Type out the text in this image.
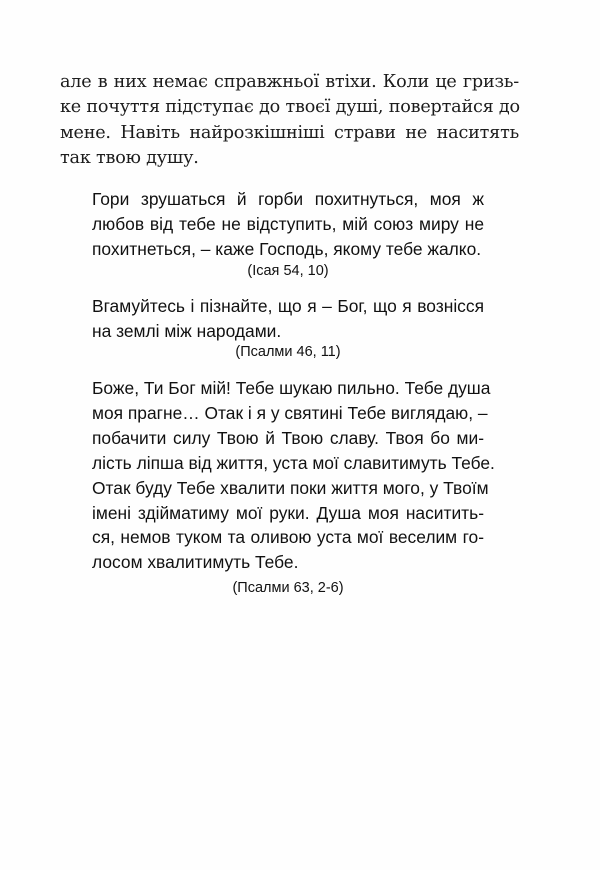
але в них немає справжньої втіхи. Коли це гризь-
ке почуття підступає до твоєї душі, повертайся до
мене. Навіть найрозкішніші страви не наситять
так твою душу.
Гори зрушаться й горби похитнуться, моя ж
любов від тебе не відступить, мій союз миру не
похитнеться, – каже Господь, якому тебе жалко.
(Ісая 54, 10)
Вгамуйтесь і пізнайте, що я – Бог, що я вознісся
на землі між народами.
(Псалми 46, 11)
Боже, Ти Бог мій! Тебе шукаю пильно. Тебе душа
моя прагне… Отак і я у святині Тебе виглядаю, –
побачити силу Твою й Твою славу. Твоя бо ми-
лість ліпша від життя, уста мої славитимуть Тебе.
Отак буду Тебе хвалити поки життя мого, у Твоїм
імені здійматиму мої руки. Душа моя наситить-
ся, немов туком та оливою уста мої веселим го-
лосом хвалитимуть Тебе.
(Псалми 63, 2-6)
